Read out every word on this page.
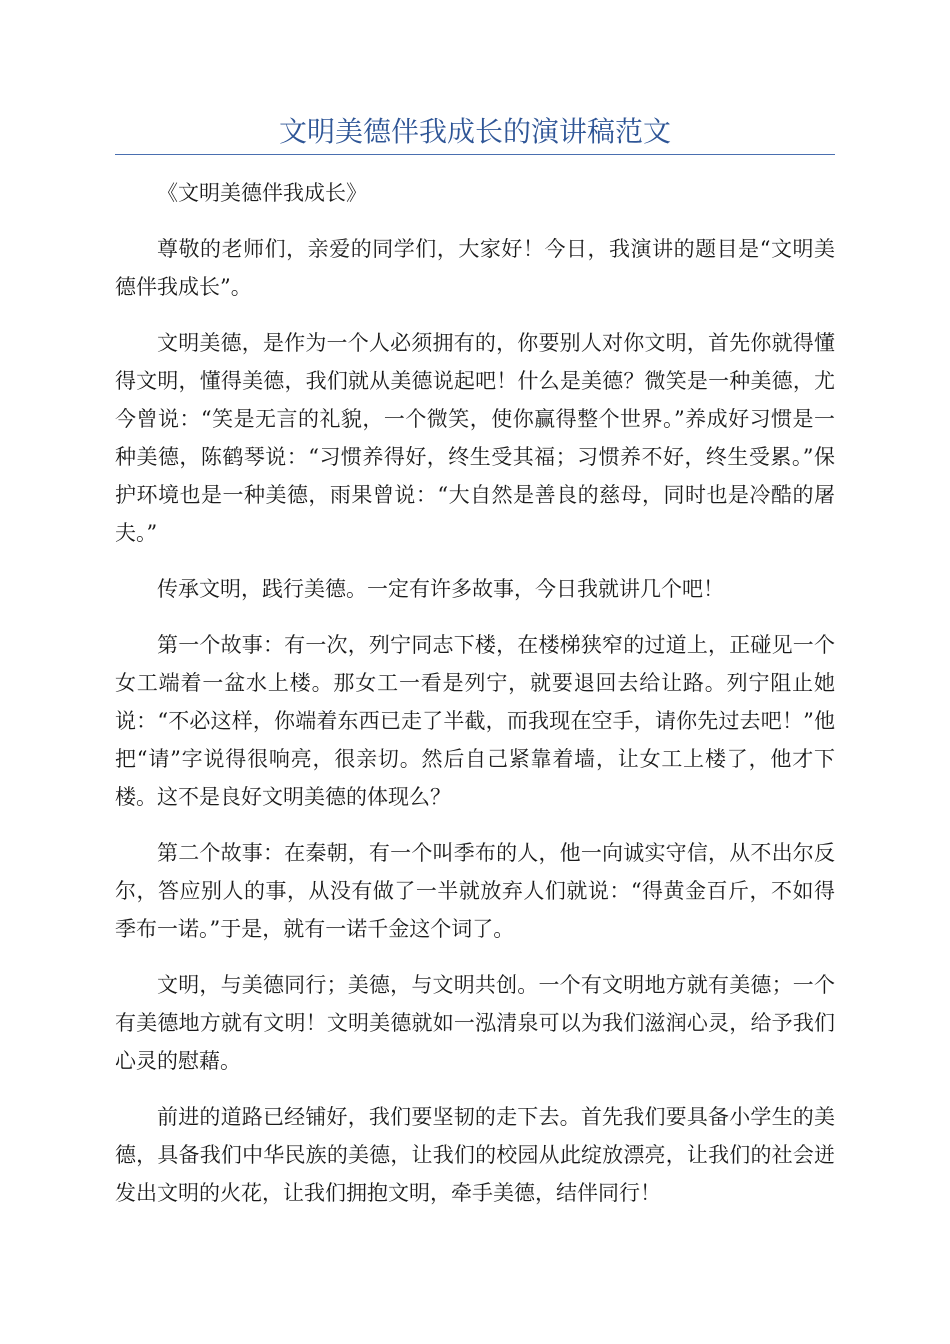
文明美德伴我成长的演讲稿范文

《文明美德伴我成长》

尊敬的老师们，亲爱的同学们，大家好！今日，我演讲的题目是“文明美德伴我成长”。

文明美德，是作为一个人必须拥有的，你要别人对你文明，首先你就得懂得文明，懂得美德，我们就从美德说起吧！什么是美德？微笑是一种美德，尤今曾说：“笑是无言的礼貌，一个微笑，使你赢得整个世界。”养成好习惯是一种美德，陈鹤琴说：“习惯养得好，终生受其福；习惯养不好，终生受累。”保护环境也是一种美德，雨果曾说：“大自然是善良的慈母，同时也是冷酷的屠夫。”

传承文明，践行美德。一定有许多故事，今日我就讲几个吧！

第一个故事：有一次，列宁同志下楼，在楼梯狭窄的过道上，正碰见一个女工端着一盆水上楼。那女工一看是列宁，就要退回去给让路。列宁阻止她说：“不必这样，你端着东西已走了半截，而我现在空手，请你先过去吧！”他把“请”字说得很响亮，很亲切。然后自己紧靠着墙，让女工上楼了，他才下楼。这不是良好文明美德的体现么？

第二个故事：在秦朝，有一个叫季布的人，他一向诚实守信，从不出尔反尔，答应别人的事，从没有做了一半就放弃人们就说：“得黄金百斤，不如得季布一诺。”于是，就有一诺千金这个词了。

文明，与美德同行；美德，与文明共创。一个有文明地方就有美德；一个有美德地方就有文明！文明美德就如一泓清泉可以为我们滋润心灵，给予我们心灵的慰藉。

前进的道路已经铺好，我们要坚韧的走下去。首先我们要具备小学生的美德，具备我们中华民族的美德，让我们的校园从此绽放漂亮，让我们的社会迸发出文明的火花，让我们拥抱文明，牵手美德，结伴同行！
